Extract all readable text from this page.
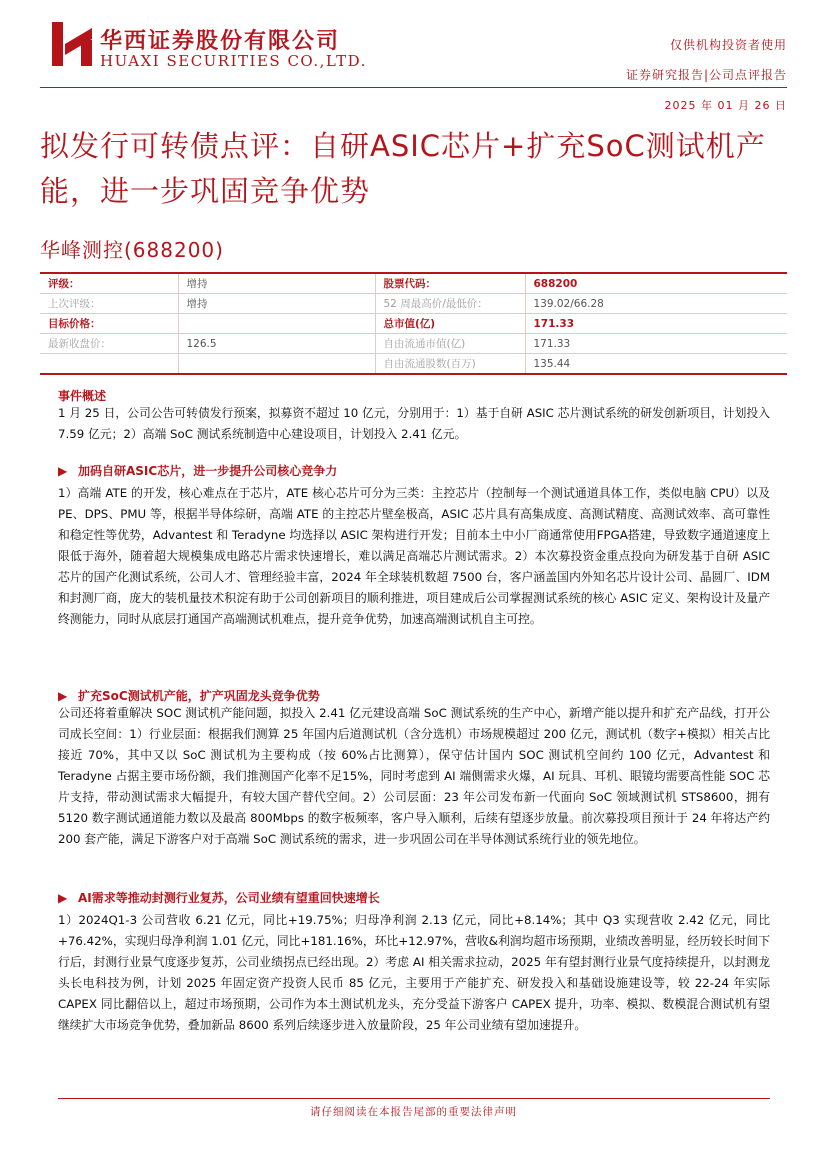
华西证券股份有限公司
HUAXI SECURITIES CO.,LTD.
仅供机构投资者使用
证券研究报告|公司点评报告
2025 年 01 月 26 日
拟发行可转债点评：自研ASIC芯片+扩充SoC测试机产能，进一步巩固竞争优势
华峰测控(688200)
评级：	增持	股票代码：	688200
上次评级：	增持	52 周最高价/最低价：	139.02/66.28
目标价格：		总市值(亿)	171.33
最新收盘价：	126.5	自由流通市值(亿)	171.33
		自由流通股数(百万)	135.44
事件概述

1 月 25 日，公司公告可转债发行预案，拟募资不超过 10 亿元，分别用于：1）基于自研 ASIC 芯片测试系统的研发创新项目，计划投入 7.59 亿元；2）高端 SoC 测试系统制造中心建设项目，计划投入 2.41 亿元。

▶ 加码自研ASIC芯片，进一步提升公司核心竞争力

1）高端 ATE 的开发，核心难点在于芯片，ATE 核心芯片可分为三类：主控芯片（控制每一个测试通道具体工作，类似电脑 CPU）以及 PE、DPS、PMU 等，根据半导体综研，高端 ATE 的主控芯片壁垒极高，ASIC 芯片具有高集成度、高测试精度、高测试效率、高可靠性和稳定性等优势，Advantest 和 Teradyne 均选择以 ASIC 架构进行开发；目前本土中小厂商通常使用FPGA搭建，导致数字通道速度上限低于海外，随着超大规模集成电路芯片需求快速增长，难以满足高端芯片测试需求。2）本次募投资金重点投向为研发基于自研 ASIC 芯片的国产化测试系统，公司人才、管理经验丰富，2024 年全球装机数超 7500 台，客户涵盖国内外知名芯片设计公司、晶圆厂、IDM 和封测厂商，庞大的装机量技术积淀有助于公司创新项目的顺利推进，项目建成后公司掌握测试系统的核心 ASIC 定义、架构设计及量产终测能力，同时从底层打通国产高端测试机难点，提升竞争优势，加速高端测试机自主可控。

▶ 扩充SoC测试机产能，扩产巩固龙头竞争优势

公司还将着重解决 SOC 测试机产能问题，拟投入 2.41 亿元建设高端 SoC 测试系统的生产中心，新增产能以提升和扩充产品线，打开公司成长空间：1）行业层面：根据我们测算 25 年国内后道测试机（含分选机）市场规模超过 200 亿元，测试机（数字+模拟）相关占比接近 70%，其中又以 SoC 测试机为主要构成（按 60%占比测算），保守估计国内 SOC 测试机空间约 100 亿元，Advantest 和 Teradyne 占据主要市场份额，我们推测国产化率不足15%，同时考虑到 AI 端侧需求火爆，AI 玩具、耳机、眼镜均需要高性能 SOC 芯片支持，带动测试需求大幅提升，有较大国产替代空间。2）公司层面：23 年公司发布新一代面向 SoC 领域测试机 STS8600，拥有 5120 数字测试通道能力数以及最高 800Mbps 的数字板频率，客户导入顺利，后续有望逐步放量。前次募投项目预计于 24 年将达产约 200 套产能，满足下游客户对于高端 SoC 测试系统的需求，进一步巩固公司在半导体测试系统行业的领先地位。

▶ AI需求等推动封测行业复苏，公司业绩有望重回快速增长

1）2024Q1-3 公司营收 6.21 亿元，同比+19.75%；归母净利润 2.13 亿元，同比+8.14%；其中 Q3 实现营收 2.42 亿元，同比+76.42%，实现归母净利润 1.01 亿元，同比+181.16%，环比+12.97%，营收&利润均超市场预期，业绩改善明显，经历较长时间下行后，封测行业景气度逐步复苏，公司业绩拐点已经出现。2）考虑 AI 相关需求拉动，2025 年有望封测行业景气度持续提升，以封测龙头长电科技为例，计划 2025 年固定资产投资人民币 85 亿元，主要用于产能扩充、研发投入和基础设施建设等，较 22-24 年实际 CAPEX 同比翻倍以上，超过市场预期，公司作为本土测试机龙头，充分受益下游客户 CAPEX 提升，功率、模拟、数模混合测试机有望继续扩大市场竞争优势，叠加新品 8600 系列后续逐步进入放量阶段，25 年公司业绩有望加速提升。

请仔细阅读在本报告尾部的重要法律声明
